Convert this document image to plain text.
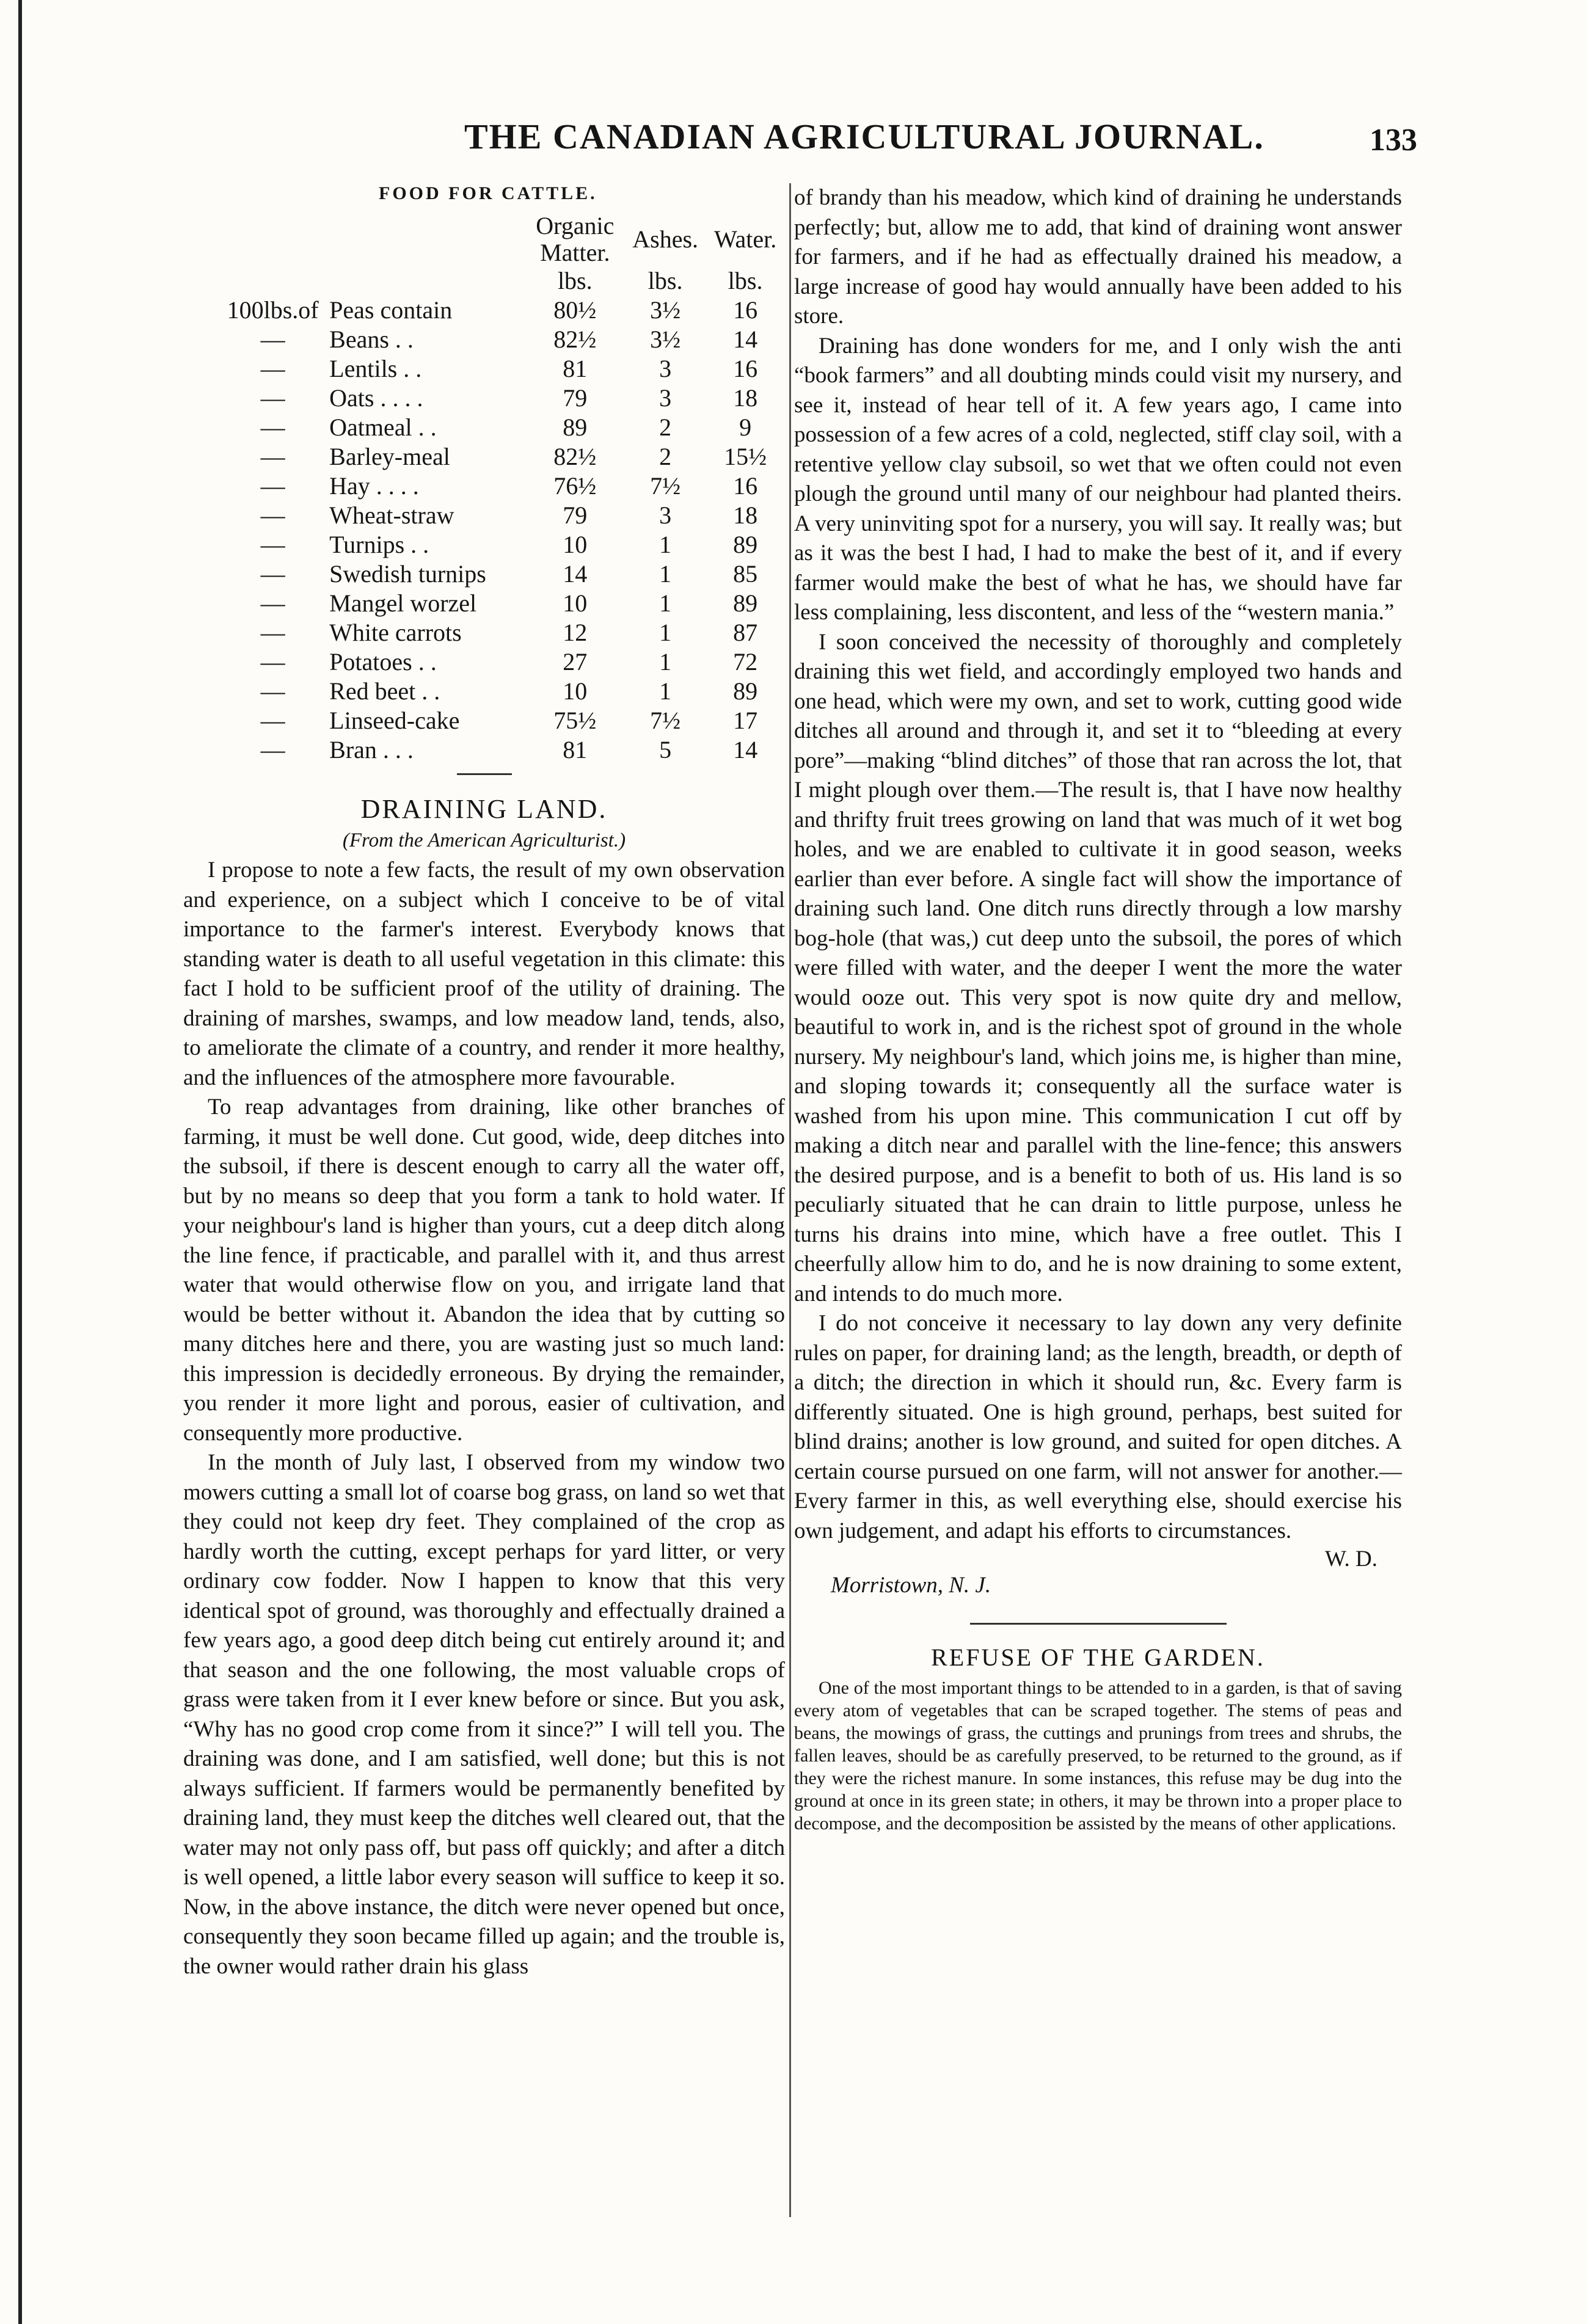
THE CANADIAN AGRICULTURAL JOURNAL.	133
FOOD FOR CATTLE.
		Organic Matter.	Ashes.	Water.
		lbs.	lbs.	lbs.
100lbs.of	Peas contain	80½	3½	16
—	Beans . .	82½	3½	14
—	Lentils . .	81	3	16
—	Oats . . . .	79	3	18
—	Oatmeal . .	89	2	9
—	Barley-meal	82½	2	15½
—	Hay . . . .	76½	7½	16
—	Wheat-straw	79	3	18
—	Turnips . .	10	1	89
—	Swedish turnips	14	1	85
—	Mangel worzel	10	1	89
—	White carrots	12	1	87
—	Potatoes . .	27	1	72
—	Red beet . .	10	1	89
—	Linseed-cake	75½	7½	17
—	Bran . . .	81	5	14
DRAINING LAND.
(From the American Agriculturist.)

I propose to note a few facts, the result of my own observation and experience, on a subject which I conceive to be of vital importance to the farmer's interest. Everybody knows that standing water is death to all useful vegetation in this climate: this fact I hold to be sufficient proof of the utility of draining. The draining of marshes, swamps, and low meadow land, tends, also, to ameliorate the climate of a country, and render it more healthy, and the influences of the atmosphere more favourable.

To reap advantages from draining, like other branches of farming, it must be well done. Cut good, wide, deep ditches into the subsoil, if there is descent enough to carry all the water off, but by no means so deep that you form a tank to hold water. If your neighbour's land is higher than yours, cut a deep ditch along the line fence, if practicable, and parallel with it, and thus arrest water that would otherwise flow on you, and irrigate land that would be better without it. Abandon the idea that by cutting so many ditches here and there, you are wasting just so much land: this impression is decidedly erroneous. By drying the remainder, you render it more light and porous, easier of cultivation, and consequently more productive.

In the month of July last, I observed from my window two mowers cutting a small lot of coarse bog grass, on land so wet that they could not keep dry feet. They complained of the crop as hardly worth the cutting, except perhaps for yard litter, or very ordinary cow fodder. Now I happen to know that this very identical spot of ground, was thoroughly and effectually drained a few years ago, a good deep ditch being cut entirely around it; and that season and the one following, the most valuable crops of grass were taken from it I ever knew before or since. But you ask, “Why has no good crop come from it since?” I will tell you. The draining was done, and I am satisfied, well done; but this is not always sufficient. If farmers would be permanently benefited by draining land, they must keep the ditches well cleared out, that the water may not only pass off, but pass off quickly; and after a ditch is well opened, a little labor every season will suffice to keep it so. Now, in the above instance, the ditch were never opened but once, consequently they soon became filled up again; and the trouble is, the owner would rather drain his glass

of brandy than his meadow, which kind of draining he understands perfectly; but, allow me to add, that kind of draining wont answer for farmers, and if he had as effectually drained his meadow, a large increase of good hay would annually have been added to his store.

Draining has done wonders for me, and I only wish the anti “book farmers” and all doubting minds could visit my nursery, and see it, instead of hear tell of it. A few years ago, I came into possession of a few acres of a cold, neglected, stiff clay soil, with a retentive yellow clay subsoil, so wet that we often could not even plough the ground until many of our neighbour had planted theirs. A very uninviting spot for a nursery, you will say. It really was; but as it was the best I had, I had to make the best of it, and if every farmer would make the best of what he has, we should have far less complaining, less discontent, and less of the “western mania.”

I soon conceived the necessity of thoroughly and completely draining this wet field, and accordingly employed two hands and one head, which were my own, and set to work, cutting good wide ditches all around and through it, and set it to “bleeding at every pore”—making “blind ditches” of those that ran across the lot, that I might plough over them.—The result is, that I have now healthy and thrifty fruit trees growing on land that was much of it wet bog holes, and we are enabled to cultivate it in good season, weeks earlier than ever before. A single fact will show the importance of draining such land. One ditch runs directly through a low marshy bog-hole (that was,) cut deep unto the subsoil, the pores of which were filled with water, and the deeper I went the more the water would ooze out. This very spot is now quite dry and mellow, beautiful to work in, and is the richest spot of ground in the whole nursery. My neighbour's land, which joins me, is higher than mine, and sloping towards it; consequently all the surface water is washed from his upon mine. This communication I cut off by making a ditch near and parallel with the line-fence; this answers the desired purpose, and is a benefit to both of us. His land is so peculiarly situated that he can drain to little purpose, unless he turns his drains into mine, which have a free outlet. This I cheerfully allow him to do, and he is now draining to some extent, and intends to do much more.

I do not conceive it necessary to lay down any very definite rules on paper, for draining land; as the length, breadth, or depth of a ditch; the direction in which it should run, &c. Every farm is differently situated. One is high ground, perhaps, best suited for blind drains; another is low ground, and suited for open ditches. A certain course pursued on one farm, will not answer for another.—Every farmer in this, as well everything else, should exercise his own judgement, and adapt his efforts to circumstances.

W. D.
Morristown, N. J.
REFUSE OF THE GARDEN.

One of the most important things to be attended to in a garden, is that of saving every atom of vegetables that can be scraped together. The stems of peas and beans, the mowings of grass, the cuttings and prunings from trees and shrubs, the fallen leaves, should be as carefully preserved, to be returned to the ground, as if they were the richest manure. In some instances, this refuse may be dug into the ground at once in its green state; in others, it may be thrown into a proper place to decompose, and the decomposition be assisted by the means of other applications.
